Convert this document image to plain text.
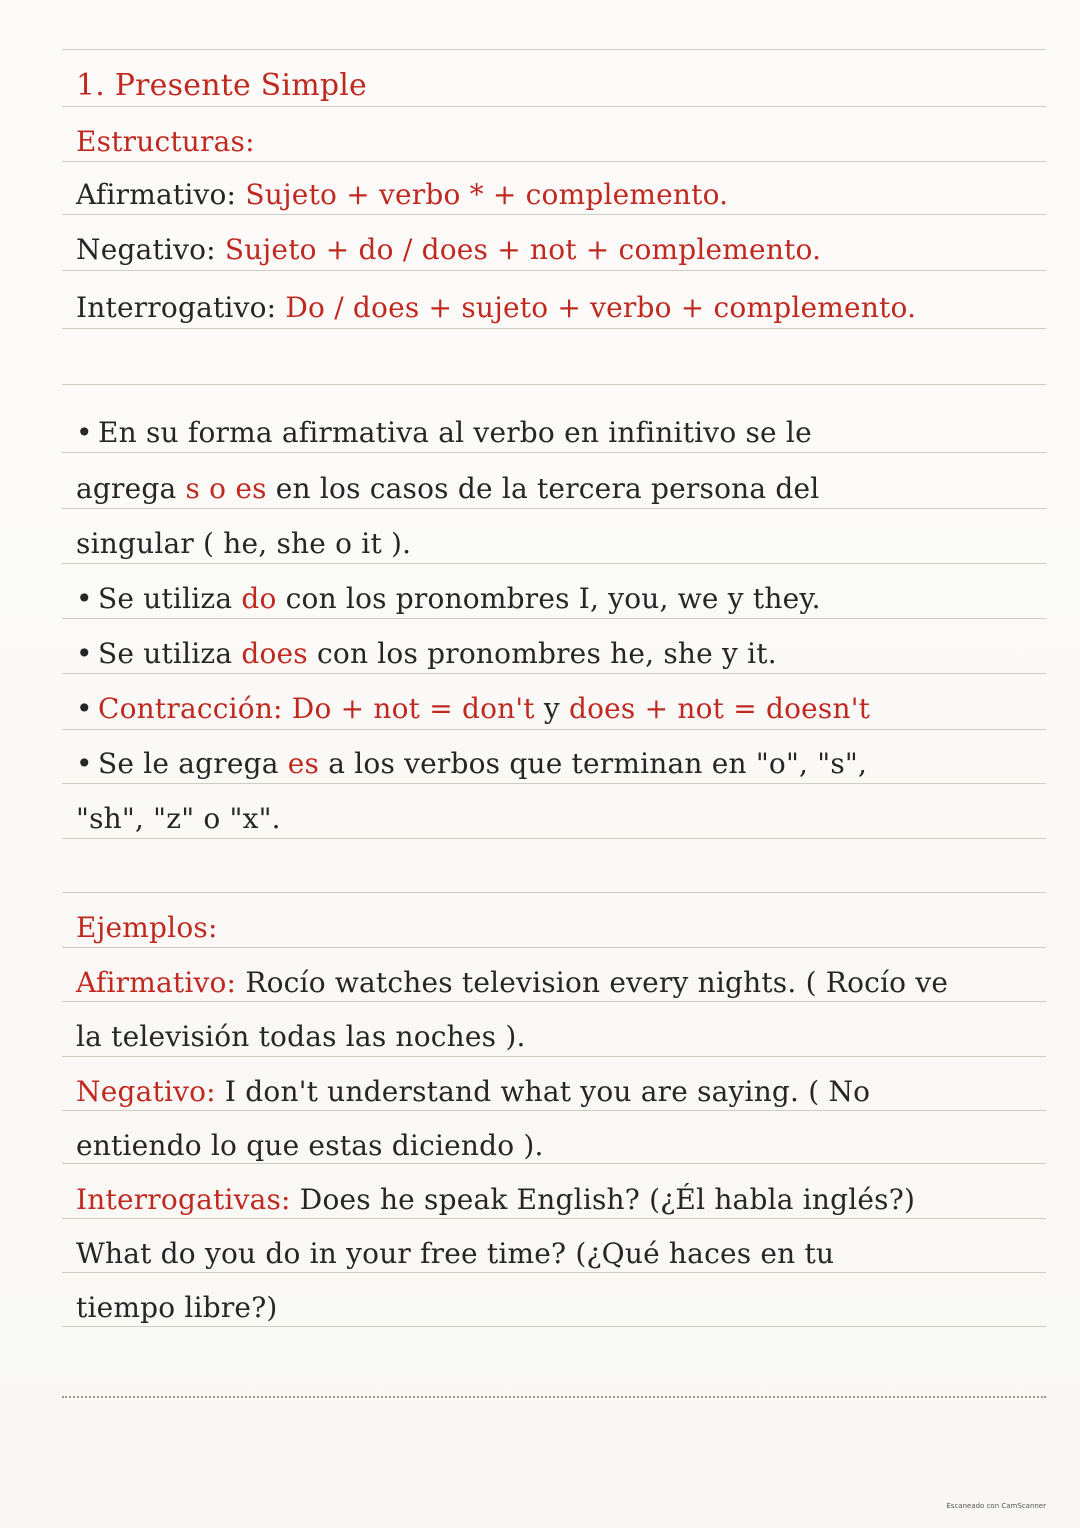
1. Presente Simple
Estructuras:
Afirmativo: Sujeto + verbo * + complemento.
Negativo: Sujeto + do / does + not + complemento.
Interrogativo: Do / does + sujeto + verbo + complemento.
• En su forma afirmativa al verbo en infinitivo se le
agrega s o es en los casos de la tercera persona del
singular ( he, she o it ).
• Se utiliza do con los pronombres I, you, we y they.
• Se utiliza does con los pronombres he, she y it.
• Contracción: Do + not = don't y does + not = doesn't
• Se le agrega es a los verbos que terminan en "o", "s",
"sh", "z" o "x".
Ejemplos:
Afirmativo: Rocío watches television every nights. ( Rocío ve
la televisión todas las noches ).
Negativo: I don't understand what you are saying. ( No
entiendo lo que estas diciendo ).
Interrogativas: Does he speak English? (¿Él habla inglés?)
What do you do in your free time? (¿Qué haces en tu
tiempo libre?)
Escaneado con CamScanner
